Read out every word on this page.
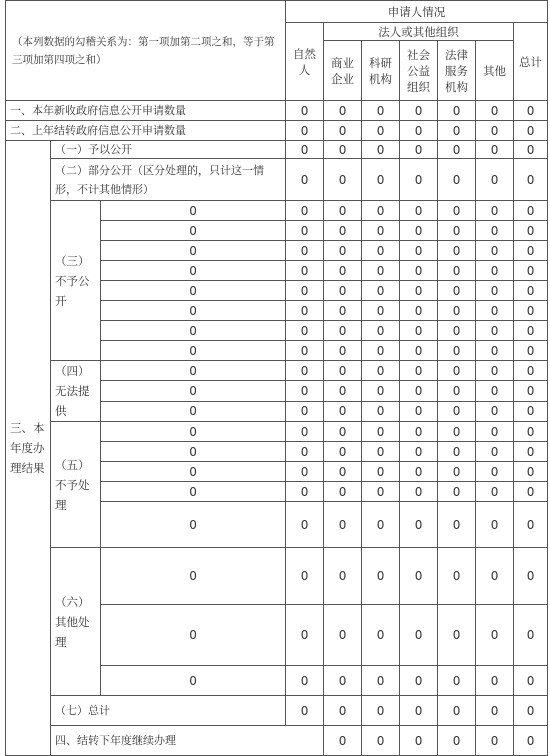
（本列数据的勾稽关系为：第一项加第二项之和，等于第三项加第四项之和）			申请人情况							
			自然人	法人或其他组织					总计	
				商业企业	科研机构	社会公益组织	法律服务机构	其他		

一、本年新收政府信息公开申请数量			0	0	0	0	0	0	0	
二、上年结转政府信息公开申请数量			0	0	0	0	0	0	0	
三、本年度办理结果	（一）予以公开		0	0	0	0	0	0	0	
	（二）部分公开（区分处理的，只计这一情形，不计其他情形）		0	0	0	0	0	0	0	
	（三）不予公开	0	0	0	0	0	0	0	0	
		0	0	0	0	0	0	0	0	
		0	0	0	0	0	0	0	0	
		0	0	0	0	0	0	0	0	
		0	0	0	0	0	0	0	0	
		0	0	0	0	0	0	0	0	
		0	0	0	0	0	0	0	0	
		0	0	0	0	0	0	0	0	
	（四）无法提供	0	0	0	0	0	0	0	0	
		0	0	0	0	0	0	0	0	
		0	0	0	0	0	0	0	0	
	（五）不予处理	0	0	0	0	0	0	0	0	
		0	0	0	0	0	0	0	0	
		0	0	0	0	0	0	0	0	
		0	0	0	0	0	0	0	0	
		0	0	0	0	0	0	0	0	
	（六）其他处理	0	0	0	0	0	0	0	0	
		0	0	0	0	0	0	0	0	
		0	0	0	0	0	0	0	0	
	（七）总计		0	0	0	0	0	0	0	
	四、结转下年度继续办理			0	0	0	0	0	0	
